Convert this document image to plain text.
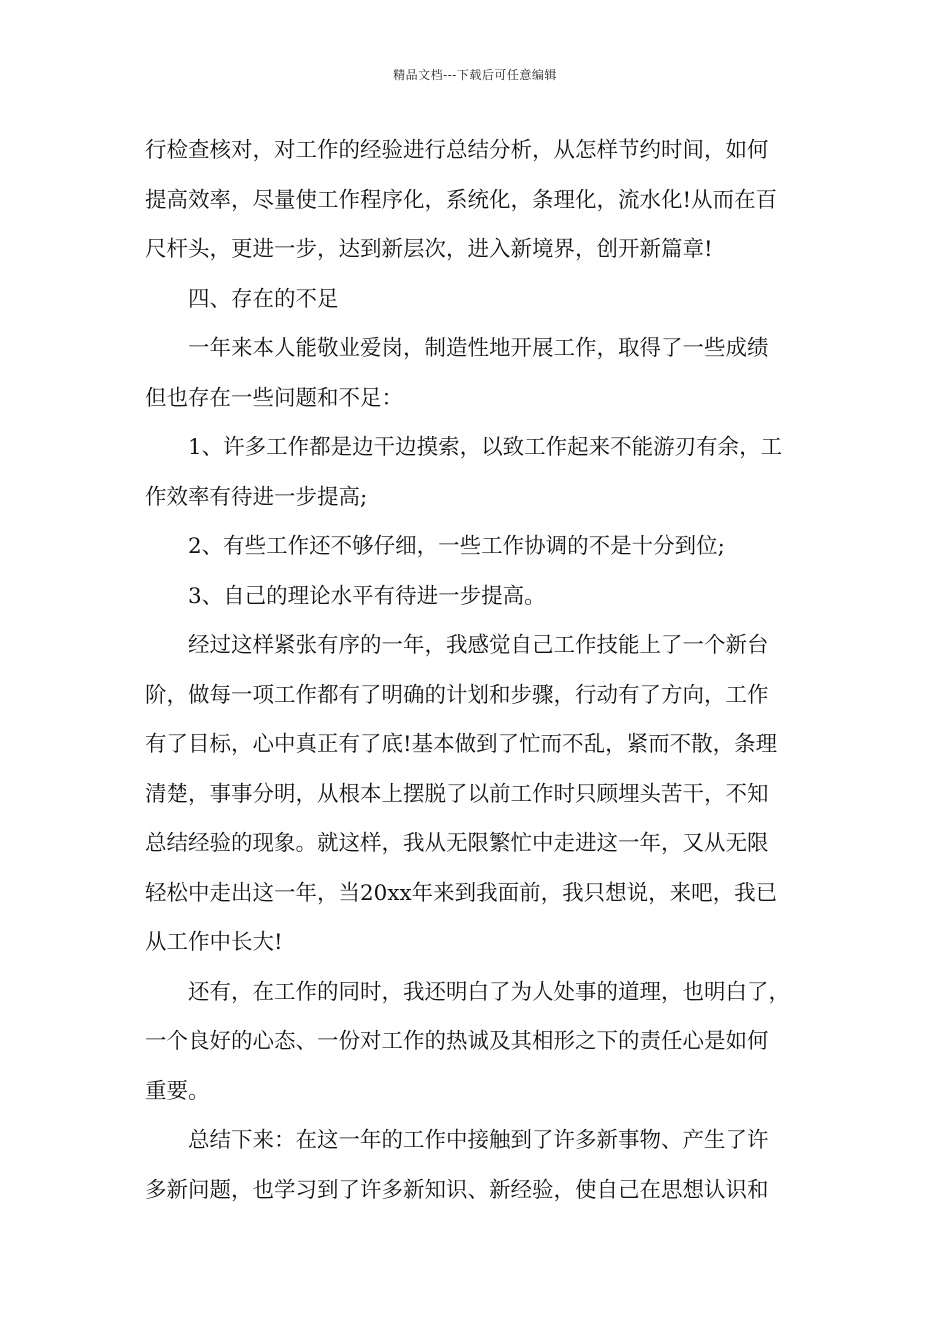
精品文档---下载后可任意编辑
行检查核对，对工作的经验进行总结分析，从怎样节约时间，如何
提高效率，尽量使工作程序化，系统化，条理化，流水化!从而在百
尺杆头，更进一步，达到新层次，进入新境界，创开新篇章!
四、存在的不足
一年来本人能敬业爱岗，制造性地开展工作，取得了一些成绩
但也存在一些问题和不足：
1、许多工作都是边干边摸索，以致工作起来不能游刃有余，工
作效率有待进一步提高;
2、有些工作还不够仔细，一些工作协调的不是十分到位;
3、自己的理论水平有待进一步提高。
经过这样紧张有序的一年，我感觉自己工作技能上了一个新台
阶，做每一项工作都有了明确的计划和步骤，行动有了方向，工作
有了目标，心中真正有了底!基本做到了忙而不乱，紧而不散，条理
清楚，事事分明，从根本上摆脱了以前工作时只顾埋头苦干，不知
总结经验的现象。就这样，我从无限繁忙中走进这一年，又从无限
轻松中走出这一年，当20xx年来到我面前，我只想说，来吧，我已
从工作中长大!
还有，在工作的同时，我还明白了为人处事的道理，也明白了，
一个良好的心态、一份对工作的热诚及其相形之下的责任心是如何
重要。
总结下来：在这一年的工作中接触到了许多新事物、产生了许
多新问题，也学习到了许多新知识、新经验，使自己在思想认识和
